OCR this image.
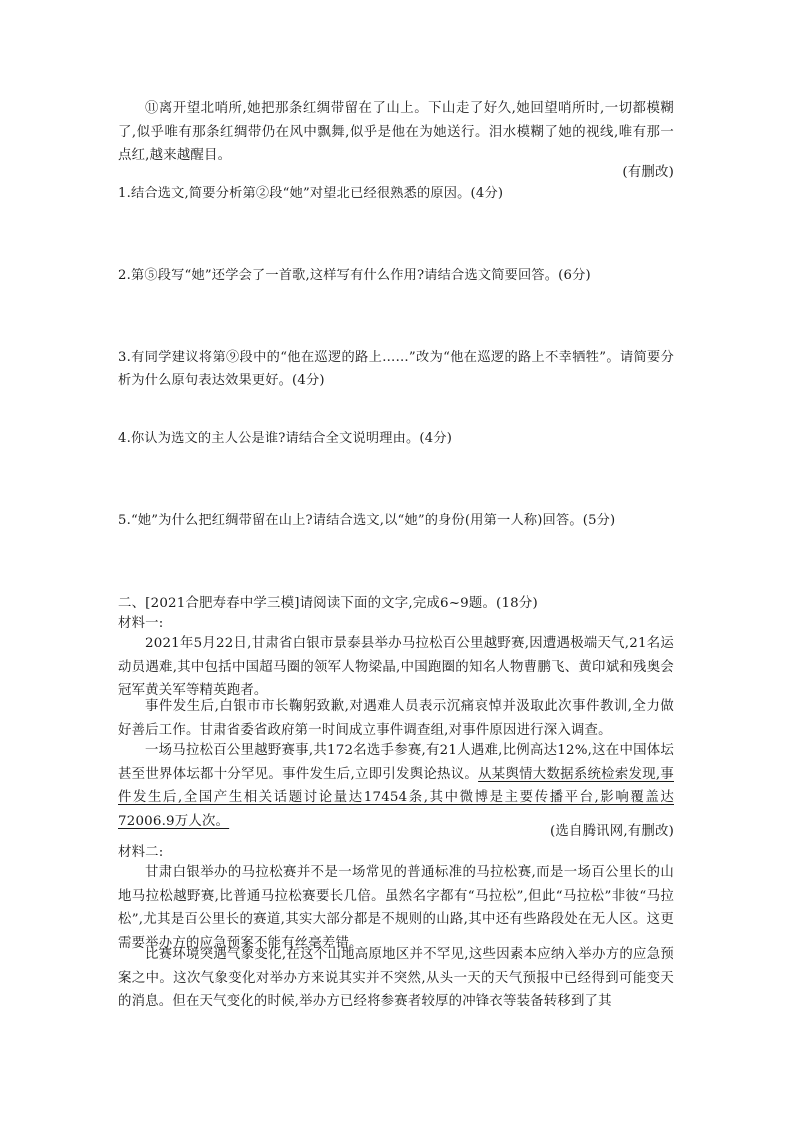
⑪离开望北哨所,她把那条红绸带留在了山上。下山走了好久,她回望哨所时,一切都模糊了,似乎唯有那条红绸带仍在风中飘舞,似乎是他在为她送行。泪水模糊了她的视线,唯有那一点红,越来越醒目。

(有删改)

1.结合选文,简要分析第②段“她”对望北已经很熟悉的原因。(4分)

2.第⑤段写“她”还学会了一首歌,这样写有什么作用?请结合选文简要回答。(6分)

3.有同学建议将第⑨段中的“他在巡逻的路上……”改为“他在巡逻的路上不幸牺牲”。请简要分析为什么原句表达效果更好。(4分)

4.你认为选文的主人公是谁?请结合全文说明理由。(4分)

5.“她”为什么把红绸带留在山上?请结合选文,以“她”的身份(用第一人称)回答。(5分)

二、[2021合肥寿春中学三模]请阅读下面的文字,完成6~9题。(18分)

材料一:

2021年5月22日,甘肃省白银市景泰县举办马拉松百公里越野赛,因遭遇极端天气,21名运动员遇难,其中包括中国超马圈的领军人物梁晶,中国跑圈的知名人物曹鹏飞、黄印斌和残奥会冠军黄关军等精英跑者。

事件发生后,白银市市长鞠躬致歉,对遇难人员表示沉痛哀悼并汲取此次事件教训,全力做好善后工作。甘肃省委省政府第一时间成立事件调查组,对事件原因进行深入调查。

一场马拉松百公里越野赛事,共172名选手参赛,有21人遇难,比例高达12%,这在中国体坛甚至世界体坛都十分罕见。事件发生后,立即引发舆论热议。从某舆情大数据系统检索发现,事件发生后,全国产生相关话题讨论量达17454条,其中微博是主要传播平台,影响覆盖达72006.9万人次。

(选自腾讯网,有删改)

材料二:

甘肃白银举办的马拉松赛并不是一场常见的普通标准的马拉松赛,而是一场百公里长的山地马拉松越野赛,比普通马拉松赛要长几倍。虽然名字都有“马拉松”,但此“马拉松”非彼“马拉松”,尤其是百公里长的赛道,其实大部分都是不规则的山路,其中还有些路段处在无人区。这更需要举办方的应急预案不能有丝毫差错。

比赛环境突遇气象变化,在这个山地高原地区并不罕见,这些因素本应纳入举办方的应急预案之中。这次气象变化对举办方来说其实并不突然,从头一天的天气预报中已经得到可能变天的消息。但在天气变化的时候,举办方已经将参赛者较厚的冲锋衣等装备转移到了其
